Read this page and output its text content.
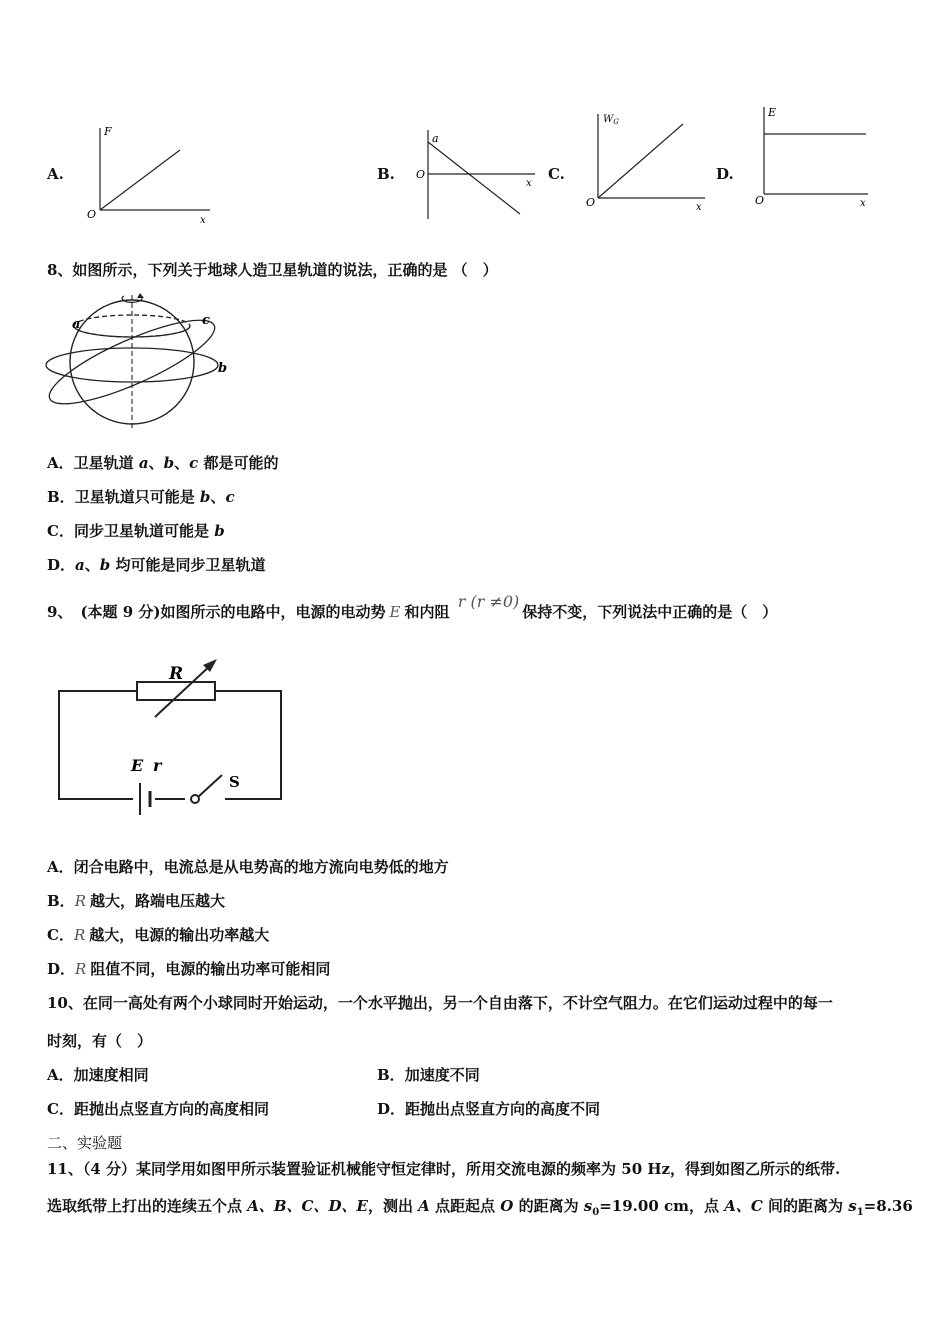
A.
F
O	x
B.
a
O
x
C.
$W_G$
O	x
D.
E
O	x
8、如图所示，下列关于地球人造卫星轨道的说法，正确的是 （　）
a	c
b
A．卫星轨道 a、b、c 都是可能的
B．卫星轨道只可能是 b、c
C．同步卫星轨道可能是 b
D．a、b 均可能是同步卫星轨道
9、 (本题 9 分)如图所示的电路中，电源的电动势 E 和内阻 r (r ≠0)保持不变，下列说法中正确的是（　）
R
E r
S
A．闭合电路中，电流总是从电势高的地方流向电势低的地方
B．R 越大，路端电压越大
C．R 越大，电源的输出功率越大
D．R 阻值不同，电源的输出功率可能相同
10、在同一高处有两个小球同时开始运动，一个水平抛出，另一个自由落下，不计空气阻力。在它们运动过程中的每一
时刻，有（　）
A．加速度相同	B．加速度不同
C．距抛出点竖直方向的高度相同	D．距抛出点竖直方向的高度不同
二、实验题
11、（4 分）某同学用如图甲所示装置验证机械能守恒定律时，所用交流电源的频率为 50 Hz，得到如图乙所示的纸带.
选取纸带上打出的连续五个点 A、B、C、D、E，测出 A 点距起点 O 的距离为 $s_0=19.00$ cm，点 A、C 间的距离为 $s_1=8.36$
